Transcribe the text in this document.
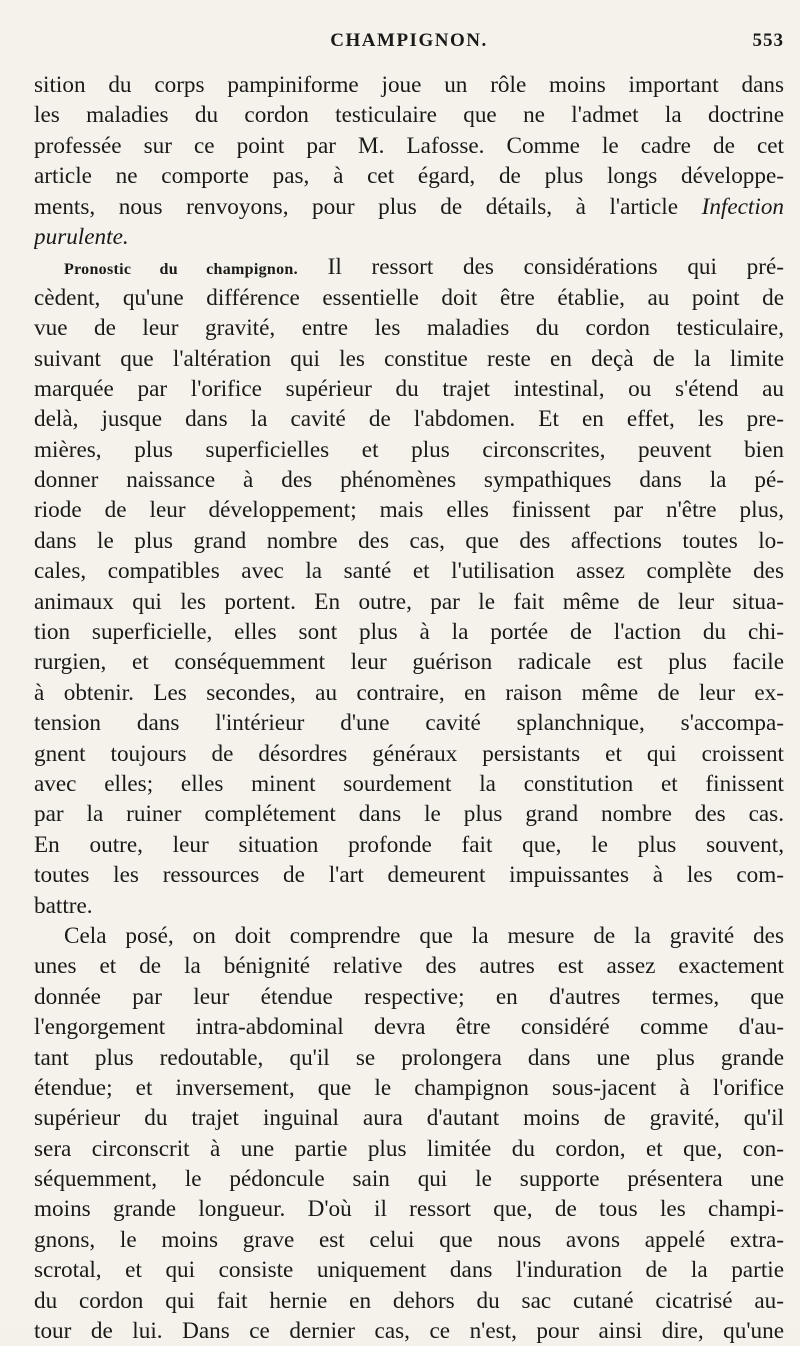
CHAMPIGNON.	553
sition du corps pampiniforme joue un rôle moins important dans
les maladies du cordon testiculaire que ne l'admet la doctrine
professée sur ce point par M. Lafosse. Comme le cadre de cet
article ne comporte pas, à cet égard, de plus longs développe-
ments, nous renvoyons, pour plus de détails, à l'article Infection
purulente.
Pronostic du champignon. Il ressort des considérations qui pré-
cèdent, qu'une différence essentielle doit être établie, au point de
vue de leur gravité, entre les maladies du cordon testiculaire,
suivant que l'altération qui les constitue reste en deçà de la limite
marquée par l'orifice supérieur du trajet intestinal, ou s'étend au
delà, jusque dans la cavité de l'abdomen. Et en effet, les pre-
mières, plus superficielles et plus circonscrites, peuvent bien
donner naissance à des phénomènes sympathiques dans la pé-
riode de leur développement; mais elles finissent par n'être plus,
dans le plus grand nombre des cas, que des affections toutes lo-
cales, compatibles avec la santé et l'utilisation assez complète des
animaux qui les portent. En outre, par le fait même de leur situa-
tion superficielle, elles sont plus à la portée de l'action du chi-
rurgien, et conséquemment leur guérison radicale est plus facile
à obtenir. Les secondes, au contraire, en raison même de leur ex-
tension dans l'intérieur d'une cavité splanchnique, s'accompa-
gnent toujours de désordres généraux persistants et qui croissent
avec elles; elles minent sourdement la constitution et finissent
par la ruiner complétement dans le plus grand nombre des cas.
En outre, leur situation profonde fait que, le plus souvent,
toutes les ressources de l'art demeurent impuissantes à les com-
battre.
Cela posé, on doit comprendre que la mesure de la gravité des
unes et de la bénignité relative des autres est assez exactement
donnée par leur étendue respective; en d'autres termes, que
l'engorgement intra-abdominal devra être considéré comme d'au-
tant plus redoutable, qu'il se prolongera dans une plus grande
étendue; et inversement, que le champignon sous-jacent à l'orifice
supérieur du trajet inguinal aura d'autant moins de gravité, qu'il
sera circonscrit à une partie plus limitée du cordon, et que, con-
séquemment, le pédoncule sain qui le supporte présentera une
moins grande longueur. D'où il ressort que, de tous les champi-
gnons, le moins grave est celui que nous avons appelé extra-
scrotal, et qui consiste uniquement dans l'induration de la partie
du cordon qui fait hernie en dehors du sac cutané cicatrisé au-
tour de lui. Dans ce dernier cas, ce n'est, pour ainsi dire, qu'une
